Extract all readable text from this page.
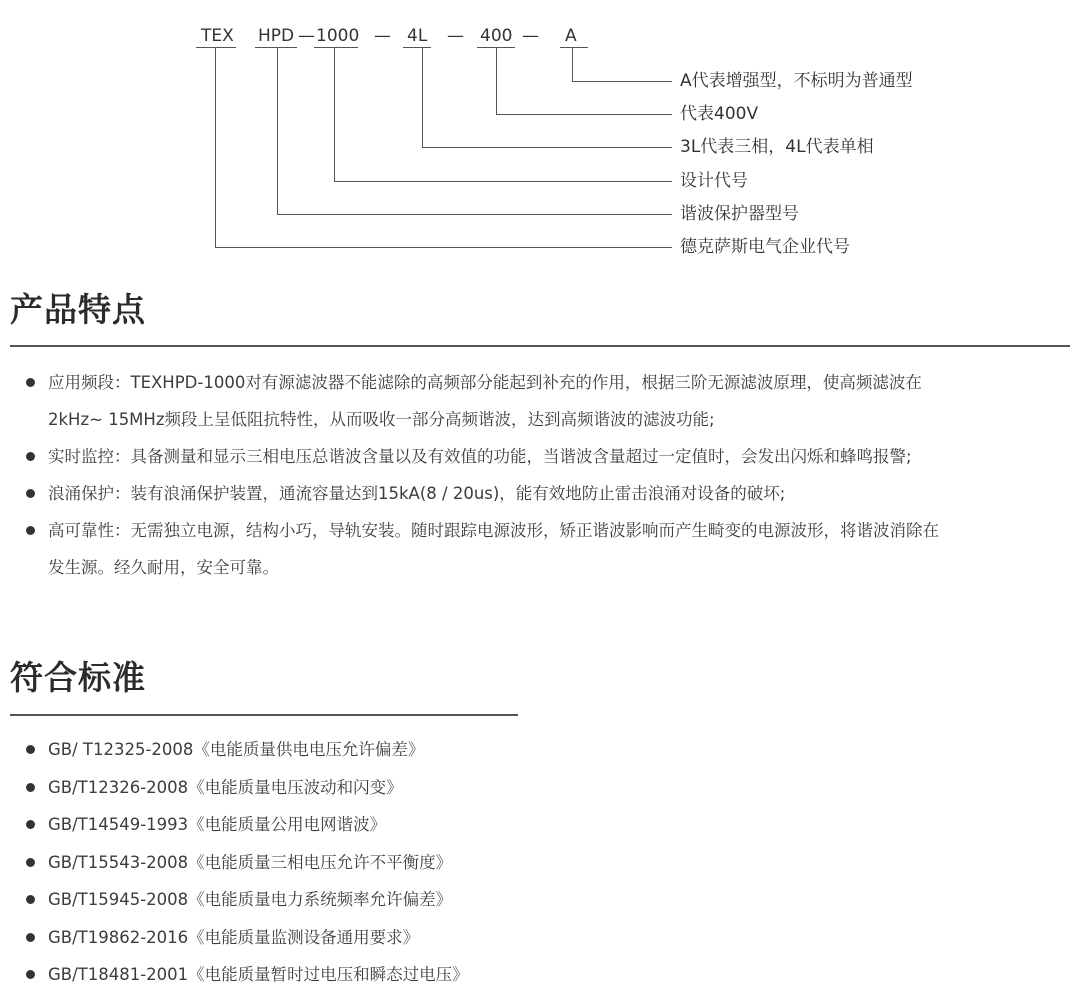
TEX HPD — 1000 — 4L — 400 — A
A代表增强型，不标明为普通型
代表400V
3L代表三相，4L代表单相
设计代号
谐波保护器型号
德克萨斯电气企业代号
产品特点
应用频段：TEXHPD-1000对有源滤波器不能滤除的高频部分能起到补充的作用，根据三阶无源滤波原理，使高频滤波在
2kHz~ 15MHz频段上呈低阻抗特性，从而吸收一部分高频谐波，达到高频谐波的滤波功能;
实时监控：具备测量和显示三相电压总谐波含量以及有效值的功能，当谐波含量超过一定值时，会发出闪烁和蜂鸣报警;
浪涌保护：装有浪涌保护装置，通流容量达到15kA(8 / 20us)，能有效地防止雷击浪涌对设备的破坏;
高可靠性：无需独立电源，结构小巧，导轨安装。随时跟踪电源波形，矫正谐波影响而产生畸变的电源波形，将谐波消除在
发生源。经久耐用，安全可靠。
符合标准
GB/ T12325-2008《电能质量供电电压允许偏差》
GB/T12326-2008《电能质量电压波动和闪变》
GB/T14549-1993《电能质量公用电网谐波》
GB/T15543-2008《电能质量三相电压允许不平衡度》
GB/T15945-2008《电能质量电力系统频率允许偏差》
GB/T19862-2016《电能质量监测设备通用要求》
GB/T18481-2001《电能质量暂时过电压和瞬态过电压》
